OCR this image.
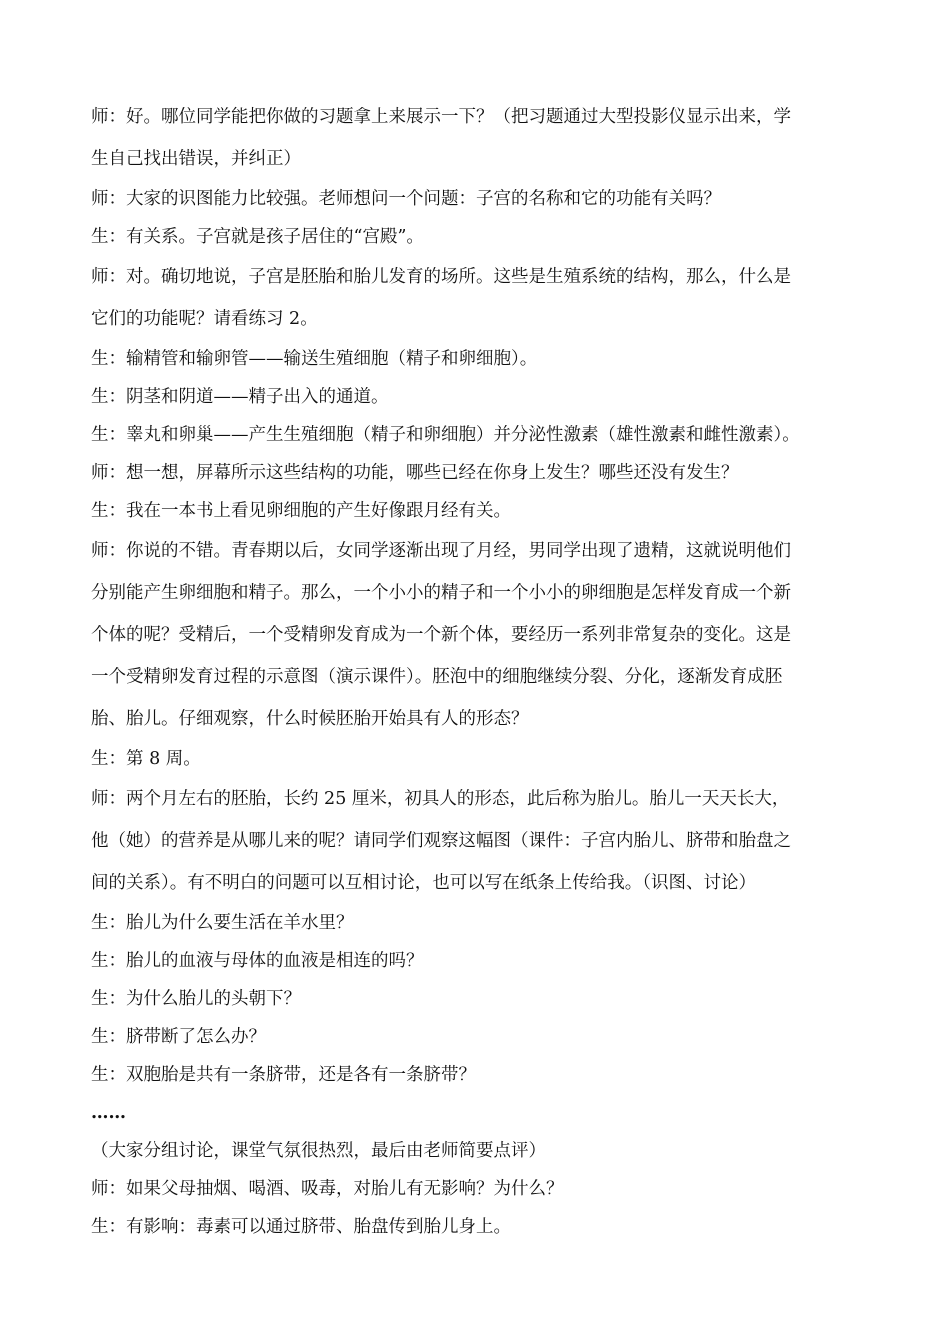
师：好。哪位同学能把你做的习题拿上来展示一下？（把习题通过大型投影仪显示出来，学
生自己找出错误，并纠正）
师：大家的识图能力比较强。老师想问一个问题：子宫的名称和它的功能有关吗？
生：有关系。子宫就是孩子居住的“宫殿”。
师：对。确切地说，子宫是胚胎和胎儿发育的场所。这些是生殖系统的结构，那么，什么是
它们的功能呢？请看练习 2。
生：输精管和输卵管——输送生殖细胞（精子和卵细胞）。
生：阴茎和阴道——精子出入的通道。
生：睾丸和卵巢——产生生殖细胞（精子和卵细胞）并分泌性激素（雄性激素和雌性激素）。
师：想一想，屏幕所示这些结构的功能，哪些已经在你身上发生？哪些还没有发生？
生：我在一本书上看见卵细胞的产生好像跟月经有关。
师：你说的不错。青春期以后，女同学逐渐出现了月经，男同学出现了遗精，这就说明他们
分别能产生卵细胞和精子。那么，一个小小的精子和一个小小的卵细胞是怎样发育成一个新
个体的呢？受精后，一个受精卵发育成为一个新个体，要经历一系列非常复杂的变化。这是
一个受精卵发育过程的示意图（演示课件）。胚泡中的细胞继续分裂、分化，逐渐发育成胚
胎、胎儿。仔细观察，什么时候胚胎开始具有人的形态？
生：第 8 周。
师：两个月左右的胚胎，长约 25 厘米，初具人的形态，此后称为胎儿。胎儿一天天长大，
他（她）的营养是从哪儿来的呢？请同学们观察这幅图（课件：子宫内胎儿、脐带和胎盘之
间的关系）。有不明白的问题可以互相讨论，也可以写在纸条上传给我。（识图、讨论）
生：胎儿为什么要生活在羊水里？
生：胎儿的血液与母体的血液是相连的吗？
生：为什么胎儿的头朝下？
生：脐带断了怎么办？
生：双胞胎是共有一条脐带，还是各有一条脐带？
……
（大家分组讨论，课堂气氛很热烈，最后由老师简要点评）
师：如果父母抽烟、喝酒、吸毒，对胎儿有无影响？为什么？
生：有影响：毒素可以通过脐带、胎盘传到胎儿身上。
